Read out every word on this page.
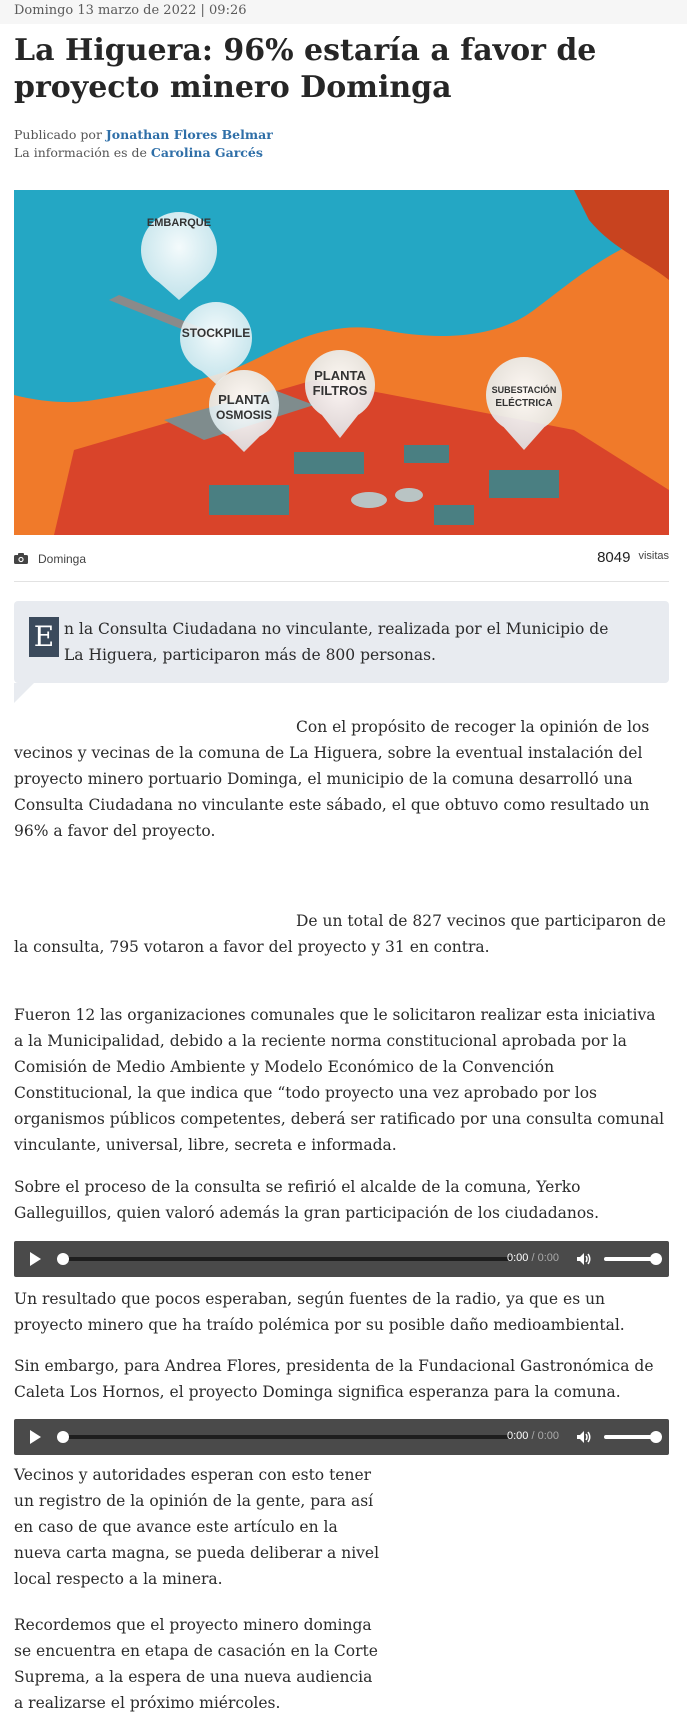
Domingo 13 marzo de 2022 | 09:26
La Higuera: 96% estaría a favor de proyecto minero Dominga
Publicado por Jonathan Flores Belmar
La información es de Carolina Garcés
EMBARQUE
STOCKPILE
PLANTA
OSMOSIS
PLANTA
FILTROS	SUBESTACIÓN
ELÉCTRICA
Dominga	8049 $^{visitas}$
E n la Consulta Ciudadana no vinculante, realizada por el Municipio de La Higuera, participaron más de 800 personas.

Con el propósito de recoger la opinión de los vecinos y vecinas de la comuna de La Higuera, sobre la eventual instalación del proyecto minero portuario Dominga, el municipio de la comuna desarrolló una Consulta Ciudadana no vinculante este sábado, el que obtuvo como resultado un 96% a favor del proyecto.

De un total de 827 vecinos que participaron de la consulta, 795 votaron a favor del proyecto y 31 en contra.

Fueron 12 las organizaciones comunales que le solicitaron realizar esta iniciativa a la Municipalidad, debido a la reciente norma constitucional aprobada por la Comisión de Medio Ambiente y Modelo Económico de la Convención Constitucional, la que indica que “todo proyecto una vez aprobado por los organismos públicos competentes, deberá ser ratificado por una consulta comunal vinculante, universal, libre, secreta e informada.

Sobre el proceso de la consulta se refirió el alcalde de la comuna, Yerko Galleguillos, quien valoró además la gran participación de los ciudadanos.

0:00 / 0:00

Un resultado que pocos esperaban, según fuentes de la radio, ya que es un proyecto minero que ha traído polémica por su posible daño medioambiental.

Sin embargo, para Andrea Flores, presidenta de la Fundacional Gastronómica de Caleta Los Hornos, el proyecto Dominga significa esperanza para la comuna.

0:00 / 0:00

Vecinos y autoridades esperan con esto tener un registro de la opinión de la gente, para así en caso de que avance este artículo en la nueva carta magna, se pueda deliberar a nivel local respecto a la minera.

Recordemos que el proyecto minero dominga se encuentra en etapa de casación en la Corte Suprema, a la espera de una nueva audiencia a realizarse el próximo miércoles.
